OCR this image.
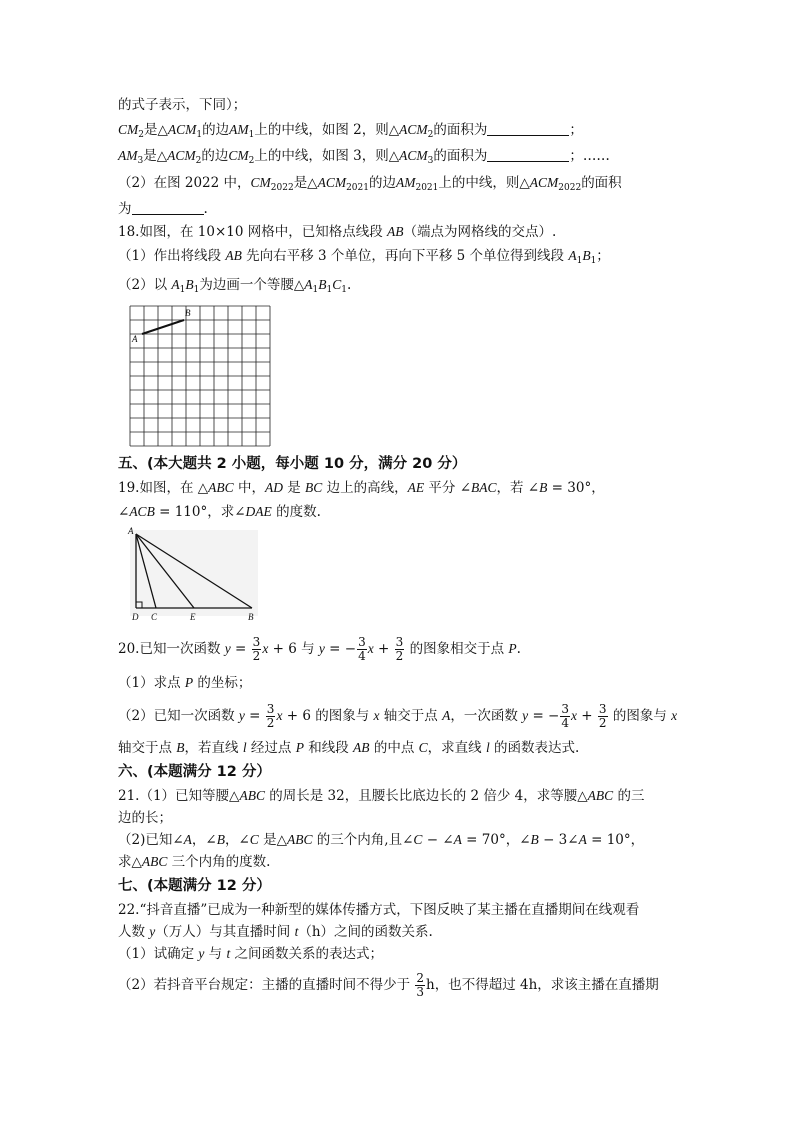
的式子表示，下同）；
$CM_2$是$\triangle ACM_1$的边$AM_1$上的中线，如图 2，则$\triangle ACM_2$的面积为	；
$AM_3$是$\triangle ACM_2$的边$CM_2$上的中线，如图 3，则$\triangle ACM_3$的面积为	；……
（2）在图 2022 中，$CM_{2022}$是$\triangle ACM_{2021}$的边$AM_{2021}$上的中线，则$\triangle ACM_{2022}$的面积
为	.
18.如图，在 10×10 网格中，已知格点线段 AB（端点为网格线的交点）.
（1）作出将线段 AB 先向右平移 3 个单位，再向下平移 5 个单位得到线段 $A_1B_1$；
（2）以 $A_1B_1$为边画一个等腰$\triangle A_1B_1C_1$.
A
B
五、(本大题共 2 小题，每小题 10 分，满分 20 分）
19.如图，在 △ABC 中，AD 是 BC 边上的高线，AE 平分 ∠BAC，若 ∠B = 30°，
∠ACB = 110°，求∠DAE 的度数.
A
D C	E	B
20.已知一次函数 $y = \frac{3}{2}$ x + 6 与 y = − $\frac{3}{4}$ $x + \frac{3}{2}$ 的图象相交于点 P.
（1）求点 P 的坐标；
（2）已知一次函数 $y = \frac{3}{2}$ x + 6 的图象与 x 轴交于点 A，一次函数 y = − $\frac{3}{4}$ $x + \frac{3}{2}$ 的图象与 x
轴交于点 B，若直线 l 经过点 P 和线段 AB 的中点 C，求直线 l 的函数表达式.
六、(本题满分 12 分）
21.（1）已知等腰△ABC 的周长是 32，且腰长比底边长的 2 倍少 4，求等腰△ABC 的三
边的长；
（2)已知∠A，∠B，∠C 是△ABC 的三个内角,且∠C − ∠A = 70°，∠B − 3∠A = 10°，
求△ABC 三个内角的度数.
七、(本题满分 12 分）
22.“抖音直播”已成为一种新型的媒体传播方式，下图反映了某主播在直播期间在线观看
人数 y（万人）与其直播时间 t（h）之间的函数关系.
（1）试确定 y 与 t 之间函数关系的表达式；
（2）若抖音平台规定：主播的直播时间不得少于 $\frac{2}{3}$ h，也不得超过 4h，求该主播在直播期
